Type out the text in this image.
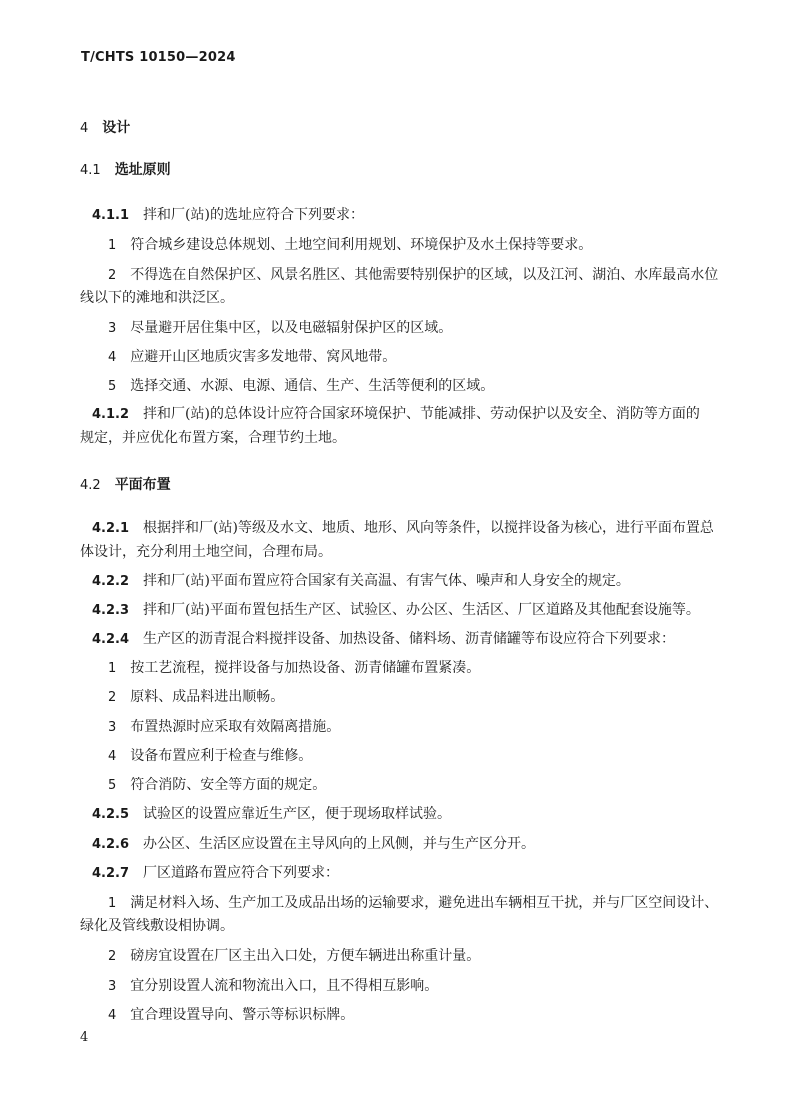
T/CHTS 10150—2024
4 设计
4.1 选址原则
4.1.1 拌和厂(站)的选址应符合下列要求：
1 符合城乡建设总体规划、土地空间利用规划、环境保护及水土保持等要求。
2 不得选在自然保护区、风景名胜区、其他需要特别保护的区域，以及江河、湖泊、水库最高水位
线以下的滩地和洪泛区。
3 尽量避开居住集中区，以及电磁辐射保护区的区域。
4 应避开山区地质灾害多发地带、窝风地带。
5 选择交通、水源、电源、通信、生产、生活等便利的区域。
4.1.2 拌和厂(站)的总体设计应符合国家环境保护、节能减排、劳动保护以及安全、消防等方面的
规定，并应优化布置方案，合理节约土地。
4.2 平面布置
4.2.1 根据拌和厂(站)等级及水文、地质、地形、风向等条件，以搅拌设备为核心，进行平面布置总
体设计，充分利用土地空间，合理布局。
4.2.2 拌和厂(站)平面布置应符合国家有关高温、有害气体、噪声和人身安全的规定。
4.2.3 拌和厂(站)平面布置包括生产区、试验区、办公区、生活区、厂区道路及其他配套设施等。
4.2.4 生产区的沥青混合料搅拌设备、加热设备、储料场、沥青储罐等布设应符合下列要求：
1 按工艺流程，搅拌设备与加热设备、沥青储罐布置紧凑。
2 原料、成品料进出顺畅。
3 布置热源时应采取有效隔离措施。
4 设备布置应利于检查与维修。
5 符合消防、安全等方面的规定。
4.2.5 试验区的设置应靠近生产区，便于现场取样试验。
4.2.6 办公区、生活区应设置在主导风向的上风侧，并与生产区分开。
4.2.7 厂区道路布置应符合下列要求：
1 满足材料入场、生产加工及成品出场的运输要求，避免进出车辆相互干扰，并与厂区空间设计、
绿化及管线敷设相协调。
2 磅房宜设置在厂区主出入口处，方便车辆进出称重计量。
3 宜分别设置人流和物流出入口，且不得相互影响。
4 宜合理设置导向、警示等标识标牌。
4
